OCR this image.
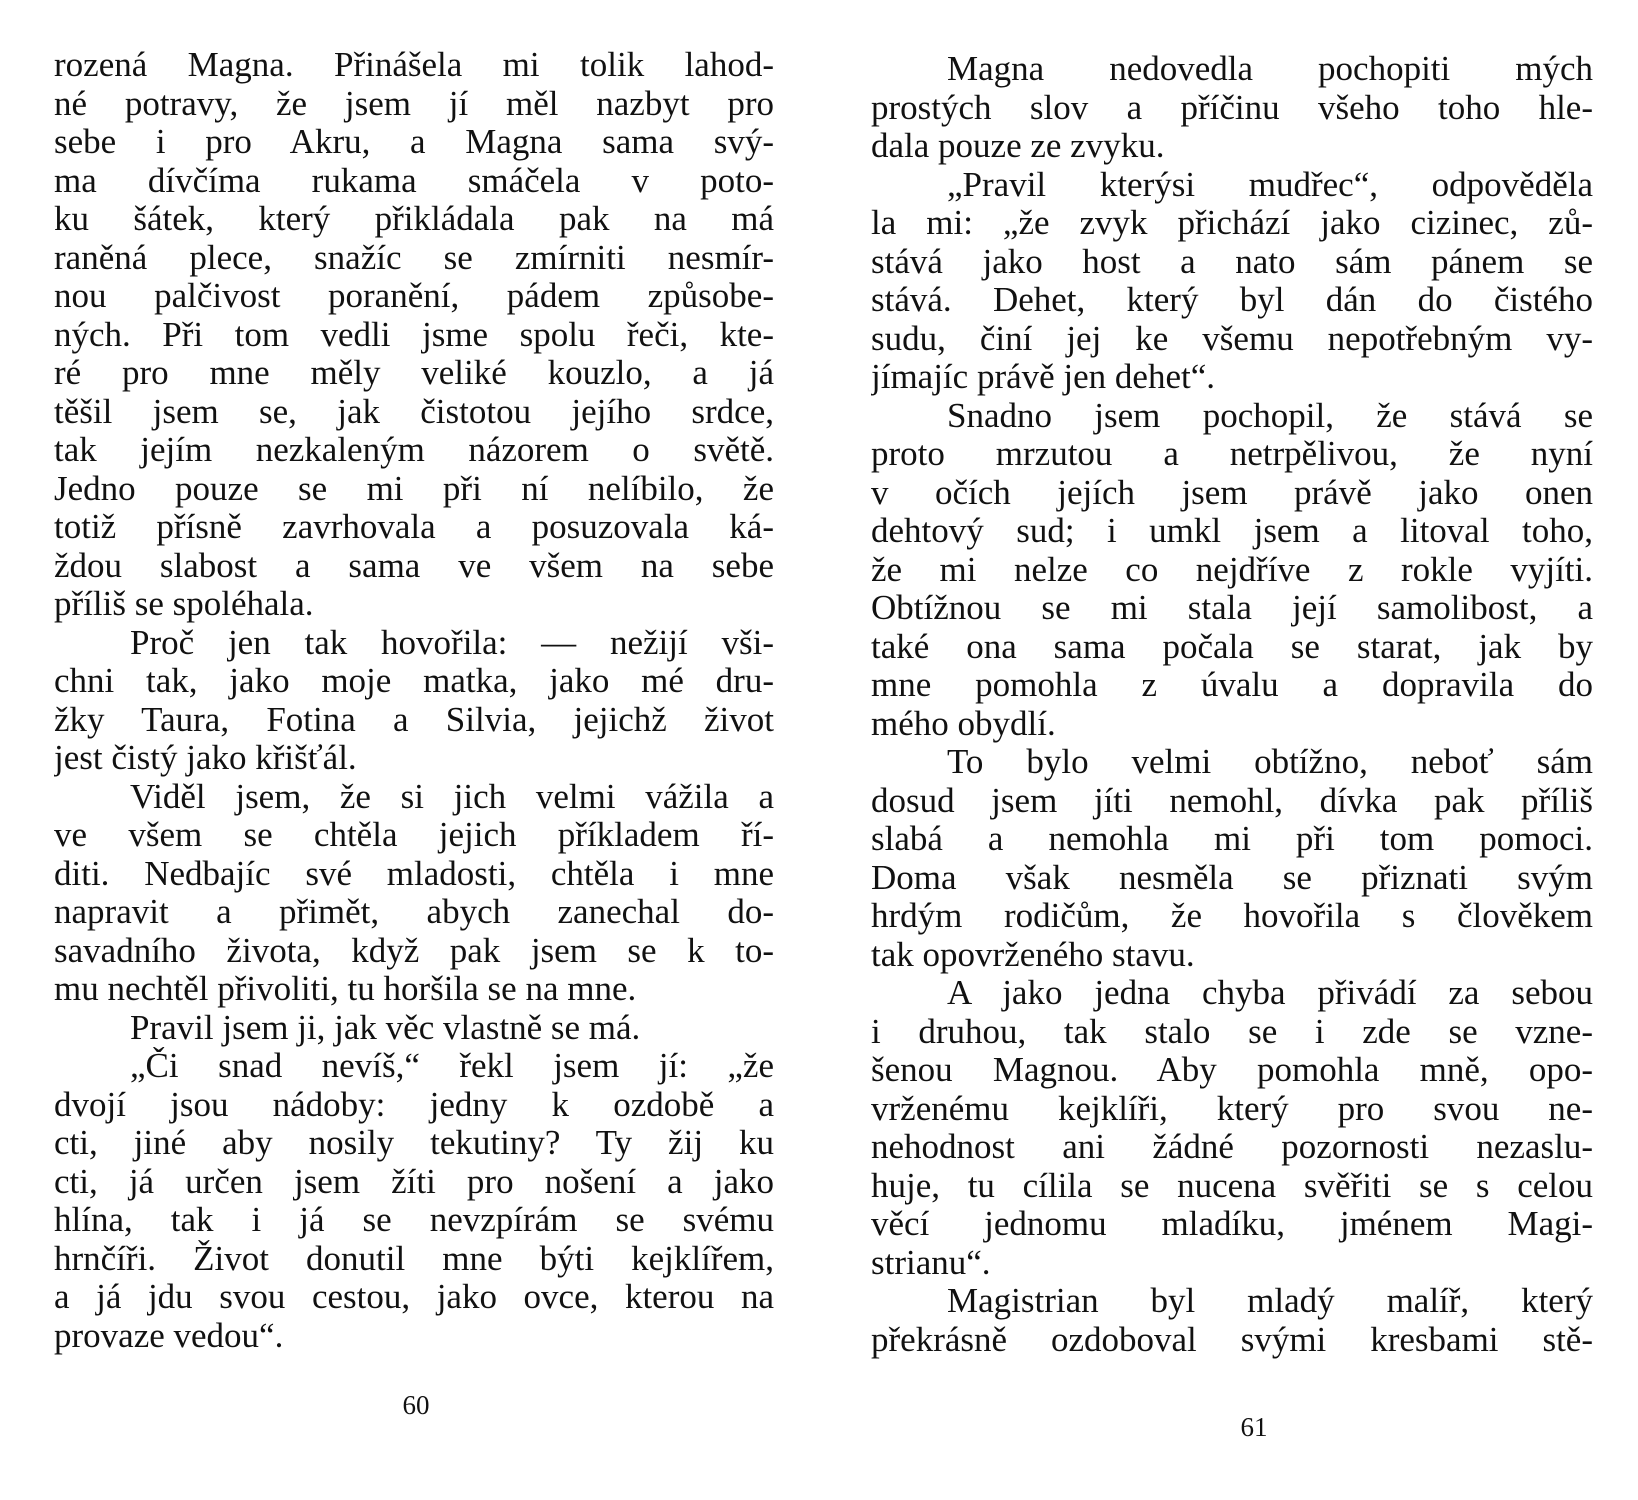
rozená Magna. Přinášela mi tolik lahod-
né potravy, že jsem jí měl nazbyt pro
sebe i pro Akru, a Magna sama svý-
ma dívčíma rukama smáčela v poto-
ku šátek, který přikládala pak na má
raněná plece, snažíc se zmírniti nesmír-
nou palčivost poranění, pádem způsobe-
ných. Při tom vedli jsme spolu řeči, kte-
ré pro mne měly veliké kouzlo, a já
těšil jsem se, jak čistotou jejího srdce,
tak jejím nezkaleným názorem o světě.
Jedno pouze se mi při ní nelíbilo, že
totiž přísně zavrhovala a posuzovala ká-
ždou slabost a sama ve všem na sebe
příliš se spoléhala.
Proč jen tak hovořila: — nežijí vši-
chni tak, jako moje matka, jako mé dru-
žky Taura, Fotina a Silvia, jejichž život
jest čistý jako křišťál.
Viděl jsem, že si jich velmi vážila a
ve všem se chtěla jejich příkladem ří-
diti. Nedbajíc své mladosti, chtěla i mne
napravit a přimět, abych zanechal do-
savadního života, když pak jsem se k to-
mu nechtěl přivoliti, tu horšila se na mne.
Pravil jsem ji, jak věc vlastně se má.
„Či snad nevíš,“ řekl jsem jí: „že
dvojí jsou nádoby: jedny k ozdobě a
cti, jiné aby nosily tekutiny? Ty žij ku
cti, já určen jsem žíti pro nošení a jako
hlína, tak i já se nevzpírám se svému
hrnčíři. Život donutil mne býti kejklířem,
a já jdu svou cestou, jako ovce, kterou na
provaze vedou“.
60
Magna nedovedla pochopiti mých
prostých slov a příčinu všeho toho hle-
dala pouze ze zvyku.
„Pravil kterýsi mudřec“, odpověděla
la mi: „že zvyk přichází jako cizinec, zů-
stává jako host a nato sám pánem se
stává. Dehet, který byl dán do čistého
sudu, činí jej ke všemu nepotřebným vy-
jímajíc právě jen dehet“.
Snadno jsem pochopil, že stává se
proto mrzutou a netrpělivou, že nyní
v očích jejích jsem právě jako onen
dehtový sud; i umkl jsem a litoval toho,
že mi nelze co nejdříve z rokle vyjíti.
Obtížnou se mi stala její samolibost, a
také ona sama počala se starat, jak by
mne pomohla z úvalu a dopravila do
mého obydlí.
To bylo velmi obtížno, neboť sám
dosud jsem jíti nemohl, dívka pak příliš
slabá a nemohla mi při tom pomoci.
Doma však nesměla se přiznati svým
hrdým rodičům, že hovořila s člověkem
tak opovrženého stavu.
A jako jedna chyba přivádí za sebou
i druhou, tak stalo se i zde se vzne-
šenou Magnou. Aby pomohla mně, opo-
vrženému kejklíři, který pro svou ne-
nehodnost ani žádné pozornosti nezaslu-
huje, tu cílila se nucena svěřiti se s celou
věcí jednomu mladíku, jménem Magi-
strianu“.
Magistrian byl mladý malíř, který
překrásně ozdoboval svými kresbami stě-
61
